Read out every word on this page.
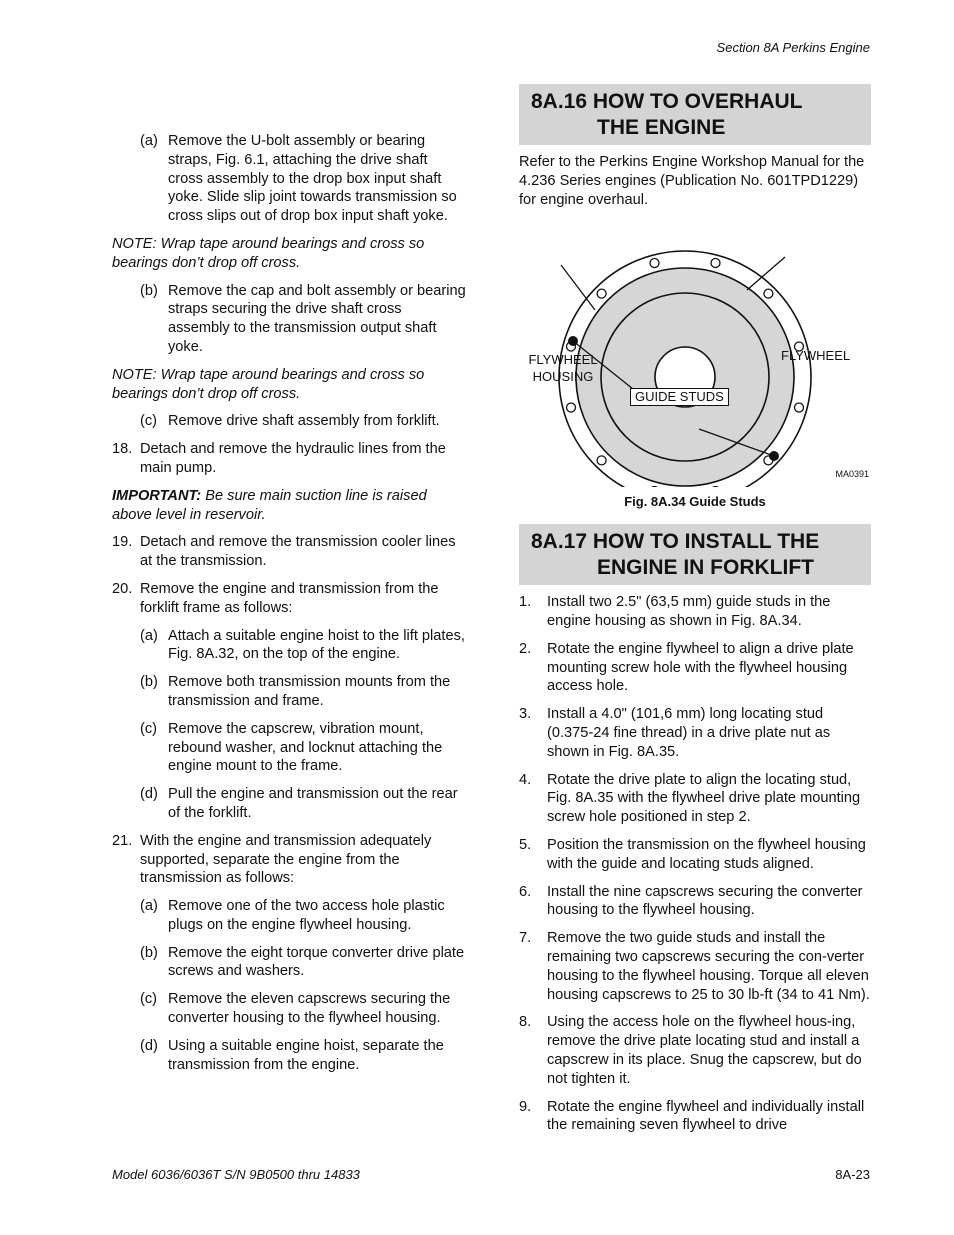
Section 8A Perkins Engine
(a) Remove the U-bolt assembly or bearing straps, Fig. 6.1, attaching the drive shaft cross assembly to the drop box input shaft yoke. Slide slip joint towards transmission so cross slips out of drop box input shaft yoke.
NOTE: Wrap tape around bearings and cross so bearings don’t drop off cross.
(b) Remove the cap and bolt assembly or bearing straps securing the drive shaft cross assembly to the transmission output shaft yoke.
NOTE: Wrap tape around bearings and cross so bearings don’t drop off cross.
(c) Remove drive shaft assembly from forklift.
18. Detach and remove the hydraulic lines from the main pump.
IMPORTANT: Be sure main suction line is raised above level in reservoir.
19. Detach and remove the transmission cooler lines at the transmission.
20. Remove the engine and transmission from the forklift frame as follows:
(a) Attach a suitable engine hoist to the lift plates, Fig. 8A.32, on the top of the engine.
(b) Remove both transmission mounts from the transmission and frame.
(c) Remove the capscrew, vibration mount, rebound washer, and locknut attaching the engine mount to the frame.
(d) Pull the engine and transmission out the rear of the forklift.
21. With the engine and transmission adequately supported, separate the engine from the transmission as follows:
(a) Remove one of the two access hole plastic plugs on the engine flywheel housing.
(b) Remove the eight torque converter drive plate screws and washers.
(c) Remove the eleven capscrews securing the converter housing to the flywheel housing.
(d) Using a suitable engine hoist, separate the transmission from the engine.
8A.16 HOW TO OVERHAUL
THE ENGINE
Refer to the Perkins Engine Workshop Manual for the 4.236 Series engines (Publication No. 601TPD1229) for engine overhaul.
FLYWHEEL
HOUSING
FLYWHEEL
GUIDE STUDS
MA0391
Fig. 8A.34 Guide Studs
8A.17 HOW TO INSTALL THE
ENGINE IN FORKLIFT
1.	Install two 2.5" (63,5 mm) guide studs in the engine housing as shown in Fig. 8A.34.
2.	Rotate the engine flywheel to align a drive plate mounting screw hole with the flywheel housing access hole.
3.	Install a 4.0" (101,6 mm) long locating stud (0.375-24 fine thread) in a drive plate nut as shown in Fig. 8A.35.
4.	Rotate the drive plate to align the locating stud, Fig. 8A.35 with the flywheel drive plate mounting screw hole positioned in step 2.
5.	Position the transmission on the flywheel housing with the guide and locating studs aligned.
6.	Install the nine capscrews securing the converter housing to the flywheel housing.
7.	Remove the two guide studs and install the remaining two capscrews securing the con-verter housing to the flywheel housing. Torque all eleven housing capscrews to 25 to 30 lb-ft (34 to 41 Nm).
8.	Using the access hole on the flywheel hous-ing, remove the drive plate locating stud and install a capscrew in its place. Snug the capscrew, but do not tighten it.
9.	Rotate the engine flywheel and individually install the remaining seven flywheel to drive
Model 6036/6036T S/N 9B0500 thru 14833	8A-23
